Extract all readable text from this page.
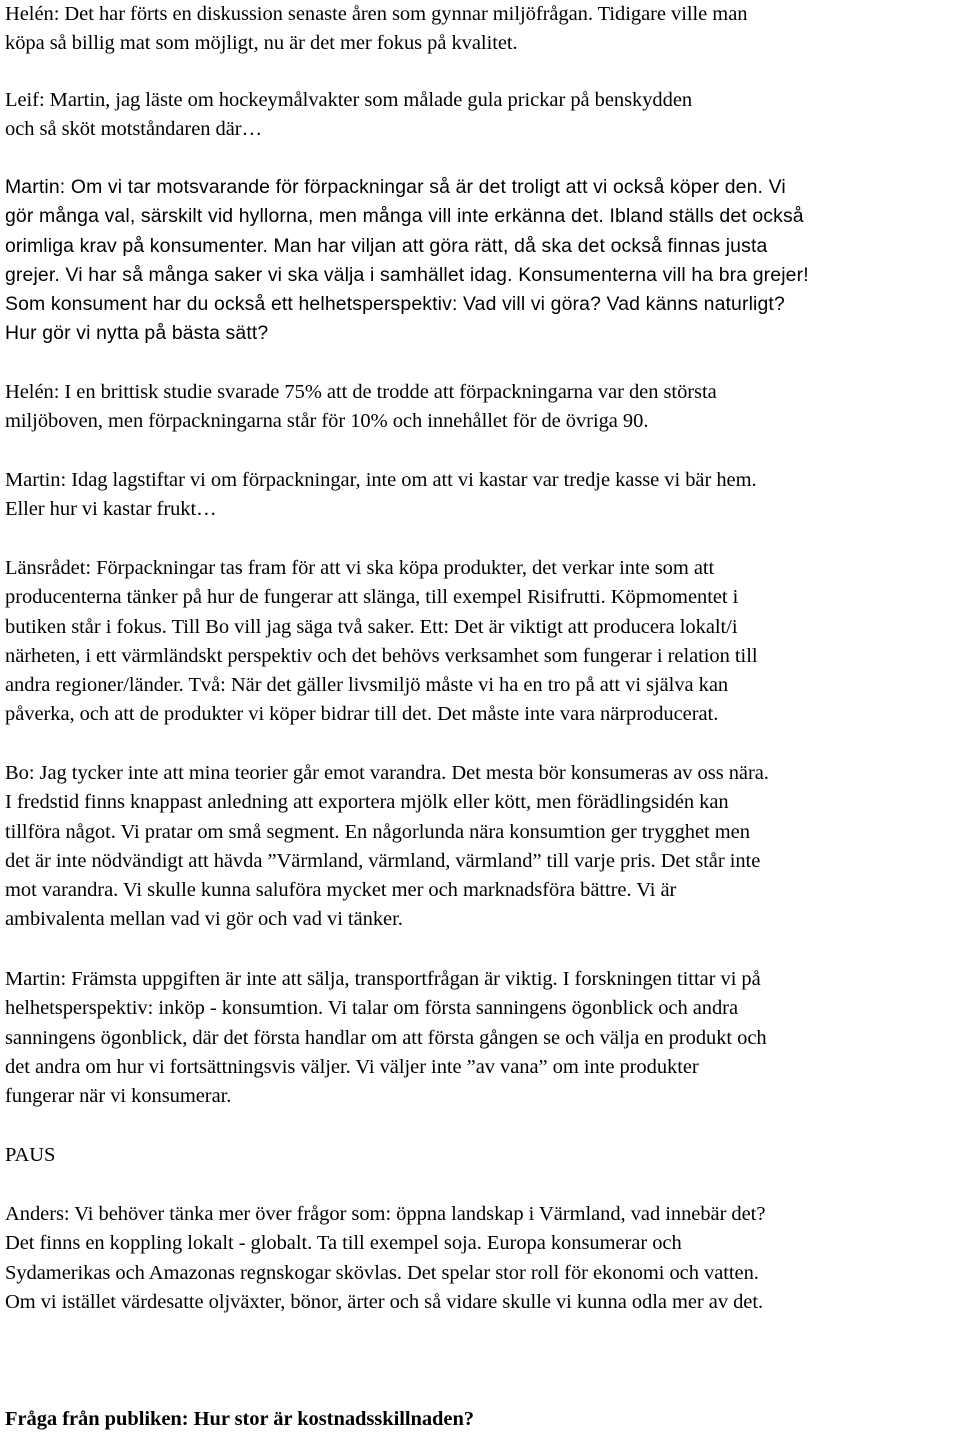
Helén: Det har förts en diskussion senaste åren som gynnar miljöfrågan. Tidigare ville man
köpa så billig mat som möjligt, nu är det mer fokus på kvalitet.
Leif: Martin, jag läste om hockeymålvakter som målade gula prickar på benskydden
och så sköt motståndaren där…
Martin: Om vi tar motsvarande för förpackningar så är det troligt att vi också köper den. Vi
gör många val, särskilt vid hyllorna, men många vill inte erkänna det. Ibland ställs det också
orimliga krav på konsumenter. Man har viljan att göra rätt, då ska det också finnas justa
grejer. Vi har så många saker vi ska välja i samhället idag. Konsumenterna vill ha bra grejer!
Som konsument har du också ett helhetsperspektiv: Vad vill vi göra? Vad känns naturligt?
Hur gör vi nytta på bästa sätt?
Helén: I en brittisk studie svarade 75% att de trodde att förpackningarna var den största
miljöboven, men förpackningarna står för 10% och innehållet för de övriga 90.
Martin: Idag lagstiftar vi om förpackningar, inte om att vi kastar var tredje kasse vi bär hem.
Eller hur vi kastar frukt…
Länsrådet: Förpackningar tas fram för att vi ska köpa produkter, det verkar inte som att
producenterna tänker på hur de fungerar att slänga, till exempel Risifrutti. Köpmomentet i
butiken står i fokus. Till Bo vill jag säga två saker. Ett: Det är viktigt att producera lokalt/i
närheten, i ett värmländskt perspektiv och det behövs verksamhet som fungerar i relation till
andra regioner/länder. Två: När det gäller livsmiljö måste vi ha en tro på att vi själva kan
påverka, och att de produkter vi köper bidrar till det. Det måste inte vara närproducerat.
Bo: Jag tycker inte att mina teorier går emot varandra. Det mesta bör konsumeras av oss nära.
I fredstid finns knappast anledning att exportera mjölk eller kött, men förädlingsidén kan
tillföra något. Vi pratar om små segment. En någorlunda nära konsumtion ger trygghet men
det är inte nödvändigt att hävda ”Värmland, värmland, värmland” till varje pris. Det står inte
mot varandra. Vi skulle kunna saluföra mycket mer och marknadsföra bättre. Vi är
ambivalenta mellan vad vi gör och vad vi tänker.
Martin: Främsta uppgiften är inte att sälja, transportfrågan är viktig. I forskningen tittar vi på
helhetsperspektiv: inköp - konsumtion. Vi talar om första sanningens ögonblick och andra
sanningens ögonblick, där det första handlar om att första gången se och välja en produkt och
det andra om hur vi fortsättningsvis väljer. Vi väljer inte ”av vana” om inte produkter
fungerar när vi konsumerar.
PAUS
Anders: Vi behöver tänka mer över frågor som: öppna landskap i Värmland, vad innebär det?
Det finns en koppling lokalt - globalt. Ta till exempel soja. Europa konsumerar och
Sydamerikas och Amazonas regnskogar skövlas. Det spelar stor roll för ekonomi och vatten.
Om vi istället värdesatte oljväxter, bönor, ärter och så vidare skulle vi kunna odla mer av det.
Fråga från publiken: Hur stor är kostnadsskillnaden?
